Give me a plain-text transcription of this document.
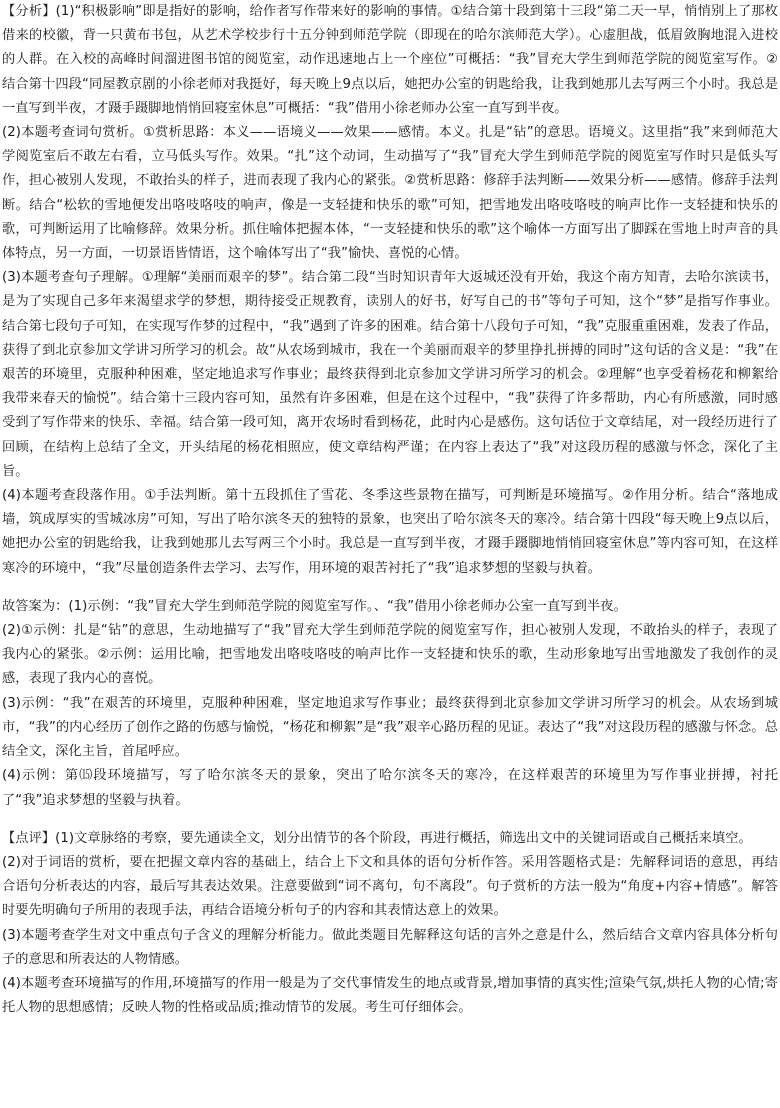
【分析】(1)“积极影响”即是指好的影响，给作者写作带来好的影响的事情。①结合第十段到第十三段“第二天一早，悄悄别上了那枚借来的校徽，背一只黄布书包，从艺术学校步行十五分钟到师范学院（即现在的哈尔滨师范大学）。心虚胆战，低眉敛胸地混入进校的人群。在入校的高峰时间溜进图书馆的阅览室，动作迅速地占上一个座位”可概括：“我”冒充大学生到师范学院的阅览室写作。②结合第十四段“同屋教京剧的小徐老师对我挺好，每天晚上9点以后，她把办公室的钥匙给我，让我到她那儿去写两三个小时。我总是一直写到半夜，才蹑手蹑脚地悄悄回寝室休息”可概括：“我”借用小徐老师办公室一直写到半夜。

(2)本题考查词句赏析。①赏析思路：本义——语境义——效果——感情。本义。扎是“钻”的意思。语境义。这里指“我”来到师范大学阅览室后不敢左右看，立马低头写作。效果。“扎”这个动词，生动描写了“我”冒充大学生到师范学院的阅览室写作时只是低头写作，担心被别人发现，不敢抬头的样子，进而表现了我内心的紧张。②赏析思路：修辞手法判断——效果分析——感情。修辞手法判断。结合“松软的雪地便发出咯吱咯吱的响声，像是一支轻捷和快乐的歌”可知，把雪地发出咯吱咯吱的响声比作一支轻捷和快乐的歌，可判断运用了比喻修辞。效果分析。抓住喻体把握本体，“一支轻捷和快乐的歌”这个喻体一方面写出了脚踩在雪地上时声音的具体特点，另一方面，一切景语皆情语，这个喻体写出了“我”愉快、喜悦的心情。

(3)本题考查句子理解。①理解“美丽而艰辛的梦”。结合第二段“当时知识青年大返城还没有开始，我这个南方知青，去哈尔滨读书，是为了实现自己多年来渴望求学的梦想，期待接受正规教育，读别人的好书，好写自己的书”等句子可知，这个“梦”是指写作事业。结合第七段句子可知，在实现写作梦的过程中，“我”遇到了许多的困难。结合第十八段句子可知，“我”克服重重困难，发表了作品，获得了到北京参加文学讲习所学习的机会。故“从农场到城市，我在一个美丽而艰辛的梦里挣扎拼搏的同时”这句话的含义是：“我”在艰苦的环境里，克服种种困难，坚定地追求写作事业；最终获得到北京参加文学讲习所学习的机会。②理解“也享受着杨花和柳絮给我带来春天的愉悦”。结合第十三段内容可知，虽然有许多困难，但是在这个过程中，“我”获得了许多帮助，内心有所感激，同时感受到了写作带来的快乐、幸福。结合第一段可知，离开农场时看到杨花，此时内心是感伤。这句话位于文章结尾，对一段经历进行了回顾，在结构上总结了全文，开头结尾的杨花相照应，使文章结构严谨；在内容上表达了“我”对这段历程的感激与怀念，深化了主旨。

(4)本题考查段落作用。①手法判断。第十五段抓住了雪花、冬季这些景物在描写，可判断是环境描写。②作用分析。结合“落地成墙，筑成厚实的雪城冰房”可知，写出了哈尔滨冬天的独特的景象，也突出了哈尔滨冬天的寒冷。结合第十四段“每天晚上9点以后，她把办公室的钥匙给我，让我到她那儿去写两三个小时。我总是一直写到半夜，才蹑手蹑脚地悄悄回寝室休息”等内容可知，在这样寒冷的环境中，“我”尽量创造条件去学习、去写作，用环境的艰苦衬托了“我”追求梦想的坚毅与执着。

故答案为：(1)示例：“我”冒充大学生到师范学院的阅览室写作。、“我”借用小徐老师办公室一直写到半夜。

(2)①示例：扎是“钻”的意思，生动地描写了“我”冒充大学生到师范学院的阅览室写作，担心被别人发现，不敢抬头的样子，表现了我内心的紧张。②示例：运用比喻，把雪地发出咯吱咯吱的响声比作一支轻捷和快乐的歌，生动形象地写出雪地激发了我创作的灵感，表现了我内心的喜悦。

(3)示例：“我”在艰苦的环境里，克服种种困难，坚定地追求写作事业；最终获得到北京参加文学讲习所学习的机会。从农场到城市，“我”的内心经历了创作之路的伤感与愉悦，“杨花和柳絮”是“我”艰辛心路历程的见证。表达了“我”对这段历程的感激与怀念。总结全文，深化主旨，首尾呼应。

(4)示例：第⒂段环境描写，写了哈尔滨冬天的景象，突出了哈尔滨冬天的寒冷，在这样艰苦的环境里为写作事业拼搏，衬托了“我”追求梦想的坚毅与执着。

【点评】(1)文章脉络的考察，要先通读全文，划分出情节的各个阶段，再进行概括，筛选出文中的关键词语或自己概括来填空。

(2)对于词语的赏析，要在把握文章内容的基础上，结合上下文和具体的语句分析作答。采用答题格式是：先解释词语的意思，再结合语句分析表达的内容，最后写其表达效果。注意要做到“词不离句，句不离段”。句子赏析的方法一般为“角度+内容+情感”。解答时要先明确句子所用的表现手法，再结合语境分析句子的内容和其表情达意上的效果。

(3)本题考查学生对文中重点句子含义的理解分析能力。做此类题目先解释这句话的言外之意是什么，然后结合文章内容具体分析句子的意思和所表达的人物情感。

(4)本题考查环境描写的作用,环境描写的作用一般是为了交代事情发生的地点或背景,增加事情的真实性;渲染气氛,烘托人物的心情;寄托人物的思想感情；反映人物的性格或品质;推动情节的发展。考生可仔细体会。
